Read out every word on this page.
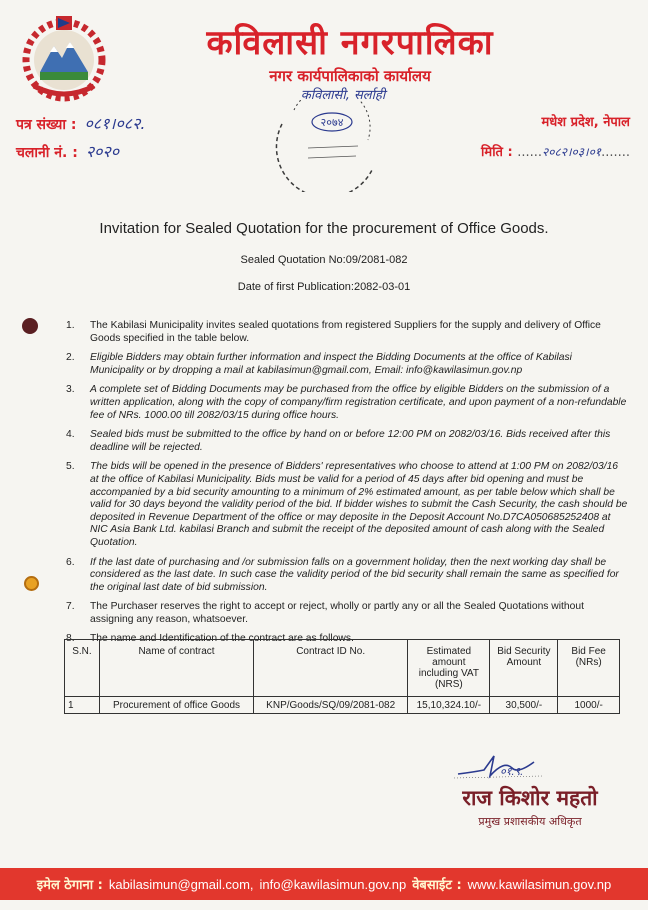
कविलासी नगरपालिका
नगर कार्यपालिकाको कार्यालय
कविलासी, सर्लाही
२०७४
पत्र संख्या : ०८१।०८२.
चलानी नं. : २०२०
मधेश प्रदेश, नेपाल
मिति : ......२०८२।०३।०१.......
Invitation for Sealed Quotation for the procurement of Office Goods.
Sealed Quotation No:09/2081-082
Date of first Publication:2082-03-01
1.	The Kabilasi Municipality invites sealed quotations from registered Suppliers for the supply and delivery of Office Goods specified in the table below.
2.	Eligible Bidders may obtain further information and inspect the Bidding Documents at the office of Kabilasi Municipality or by dropping a mail at kabilasimun@gmail.com, Email: info@kawilasimun.gov.np
3.	A complete set of Bidding Documents may be purchased from the office by eligible Bidders on the submission of a written application, along with the copy of company/firm registration certificate, and upon payment of a non-refundable fee of NRs. 1000.00 till 2082/03/15 during office hours.
4.	Sealed bids must be submitted to the office by hand on or before 12:00 PM on 2082/03/16. Bids received after this deadline will be rejected.
5.	The bids will be opened in the presence of Bidders' representatives who choose to attend at 1:00 PM on 2082/03/16 at the office of Kabilasi Municipality. Bids must be valid for a period of 45 days after bid opening and must be accompanied by a bid security amounting to a minimum of 2% estimated amount, as per table below which shall be valid for 30 days beyond the validity period of the bid. If bidder wishes to submit the Cash Security, the cash should be deposited in Revenue Department of the office or may deposite in the Deposit Account No.D7CA050685252408 at NIC Asia Bank Ltd. kabilasi Branch and submit the receipt of the deposited amount of cash along with the Sealed Quotation.
6.	If the last date of purchasing and /or submission falls on a government holiday, then the next working day shall be considered as the last date. In such case the validity period of the bid security shall remain the same as specified for the original last date of bid submission.
7.	The Purchaser reserves the right to accept or reject, wholly or partly any or all the Sealed Quotations without assigning any reason, whatsoever.
8.	The name and Identification of the contract are as follows.
S.N.	Name of contract	Contract ID No.	Estimated amount including VAT (NRS)	Bid Security Amount	Bid Fee (NRs)
1	Procurement of office Goods	KNP/Goods/SQ/09/2081-082	15,10,324.10/-	30,500/-	1000/-
०१.९.
राज किशोर महतो
प्रमुख प्रशासकीय अधिकृत
इमेल ठेगाना : kabilasimun@gmail.com, info@kawilasimun.gov.np वेबसाईट : www.kawilasimun.gov.np
